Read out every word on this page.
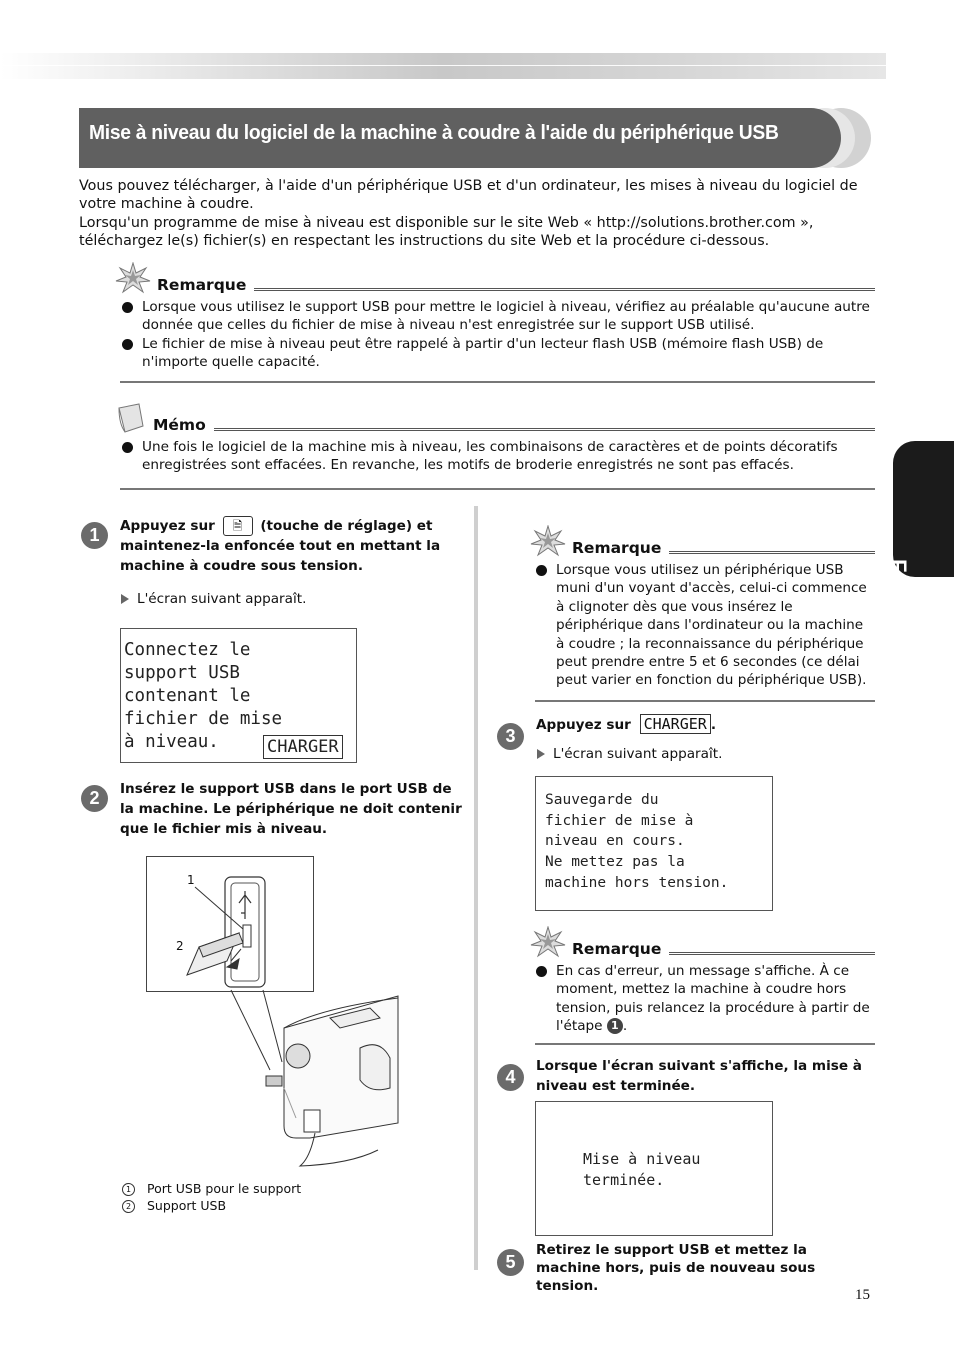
Mise à niveau du logiciel de la machine à coudre à l'aide du périphérique USB

Vous pouvez télécharger, à l'aide d'un périphérique USB et d'un ordinateur, les mises à niveau du logiciel de votre machine à coudre.

Lorsqu'un programme de mise à niveau est disponible sur le site Web « http://solutions.brother.com », téléchargez le(s) fichier(s) en respectant les instructions du site Web et la procédure ci-dessous.

Remarque
Lorsque vous utilisez le support USB pour mettre le logiciel à niveau, vérifiez au préalable qu'aucune autre donnée que celles du fichier de mise à niveau n'est enregistrée sur le support USB utilisé.
Le fichier de mise à niveau peut être rappelé à partir d'un lecteur flash USB (mémoire flash USB) de n'importe quelle capacité.
Mémo
Une fois le logiciel de la machine mis à niveau, les combinaisons de caractères et de points décoratifs enregistrées sont effacées. En revanche, les motifs de broderie enregistrés ne sont pas effacés.
1	Appuyez sur 🗎 (touche de réglage) et
maintenez-la enfoncée tout en mettant la
machine à coudre sous tension.
L'écran suivant apparaît.

Connectez le
support USB
contenant le
fichier de mise
à niveau.

	CHARGER

2	Insérez le support USB dans le port USB de la machine. Le périphérique ne doit contenir que le fichier mis à niveau.
1
2
1 Port USB pour le support
2 Support USB
Remarque
Lorsque vous utilisez un périphérique USB muni d'un voyant d'accès, celui-ci commence à clignoter dès que vous insérez le périphérique dans l'ordinateur ou la machine à coudre ; la reconnaissance du périphérique peut prendre entre 5 et 6 secondes (ce délai peut varier en fonction du périphérique USB).
3
Appuyez sur CHARGER .
L'écran suivant apparaît.

Sauvegarde du
fichier de mise à
niveau en cours.
Ne mettez pas la
machine hors tension.

Remarque
En cas d'erreur, un message s'affiche. À ce moment, mettez la machine à coudre hors tension, puis relancez la procédure à partir de l'étape 1 .
4
Lorsque l'écran suivant s'affiche, la mise à niveau est terminée.

Mise à niveau
terminée.

5
Retirez le support USB et mettez la machine hors, puis de nouveau sous tension.
Français
15
